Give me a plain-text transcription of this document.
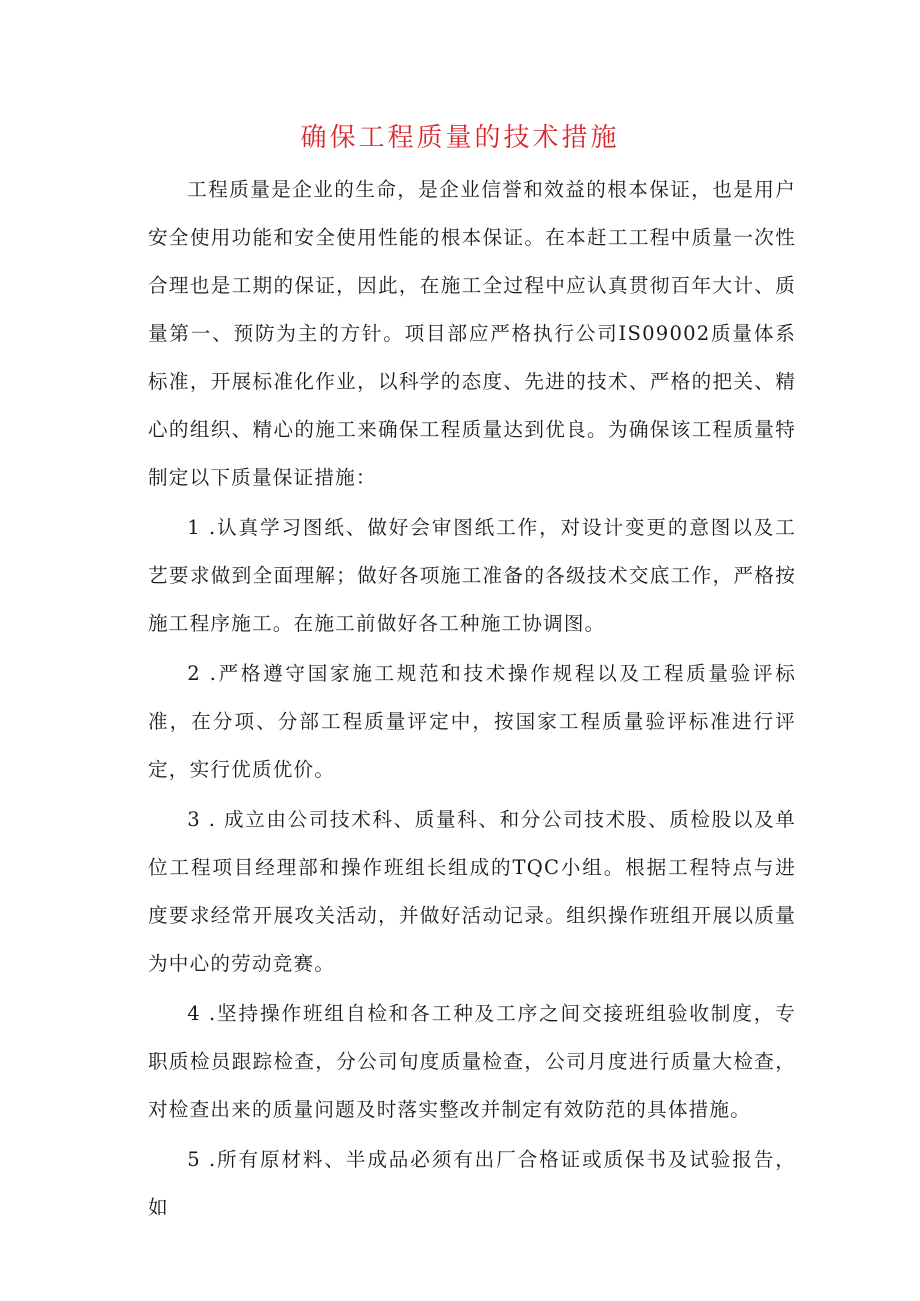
确保工程质量的技术措施

工程质量是企业的生命，是企业信誉和效益的根本保证，也是用户安全使用功能和安全使用性能的根本保证。在本赶工工程中质量一次性合理也是工期的保证，因此，在施工全过程中应认真贯彻百年大计、质量第一、预防为主的方针。项目部应严格执行公司IS09002质量体系标准，开展标准化作业，以科学的态度、先进的技术、严格的把关、精心的组织、精心的施工来确保工程质量达到优良。为确保该工程质量特制定以下质量保证措施：

1 .认真学习图纸、做好会审图纸工作，对设计变更的意图以及工艺要求做到全面理解；做好各项施工准备的各级技术交底工作，严格按施工程序施工。在施工前做好各工种施工协调图。

2 .严格遵守国家施工规范和技术操作规程以及工程质量验评标准，在分项、分部工程质量评定中，按国家工程质量验评标准进行评定，实行优质优价。

3 . 成立由公司技术科、质量科、和分公司技术股、质检股以及单位工程项目经理部和操作班组长组成的TQC小组。根据工程特点与进度要求经常开展攻关活动，并做好活动记录。组织操作班组开展以质量为中心的劳动竞赛。

4 .坚持操作班组自检和各工种及工序之间交接班组验收制度，专职质检员跟踪检查，分公司旬度质量检查，公司月度进行质量大检查，对检查出来的质量问题及时落实整改并制定有效防范的具体措施。

5 .所有原材料、半成品必须有出厂合格证或质保书及试验报告，如
